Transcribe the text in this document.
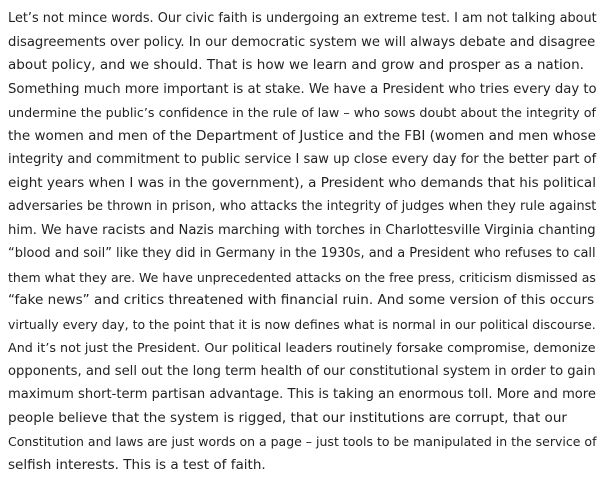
Let’s not mince words. Our civic faith is undergoing an extreme test. I am not talking about
disagreements over policy. In our democratic system we will always debate and disagree
about policy, and we should. That is how we learn and grow and prosper as a nation.
Something much more important is at stake. We have a President who tries every day to
undermine the public’s confidence in the rule of law – who sows doubt about the integrity of
the women and men of the Department of Justice and the FBI (women and men whose
integrity and commitment to public service I saw up close every day for the better part of
eight years when I was in the government), a President who demands that his political
adversaries be thrown in prison, who attacks the integrity of judges when they rule against
him. We have racists and Nazis marching with torches in Charlottesville Virginia chanting
“blood and soil” like they did in Germany in the 1930s, and a President who refuses to call
them what they are. We have unprecedented attacks on the free press, criticism dismissed as
“fake news” and critics threatened with financial ruin. And some version of this occurs
virtually every day, to the point that it is now defines what is normal in our political discourse.
And it’s not just the President. Our political leaders routinely forsake compromise, demonize
opponents, and sell out the long term health of our constitutional system in order to gain
maximum short-term partisan advantage. This is taking an enormous toll. More and more
people believe that the system is rigged, that our institutions are corrupt, that our
Constitution and laws are just words on a page – just tools to be manipulated in the service of
selfish interests. This is a test of faith.
